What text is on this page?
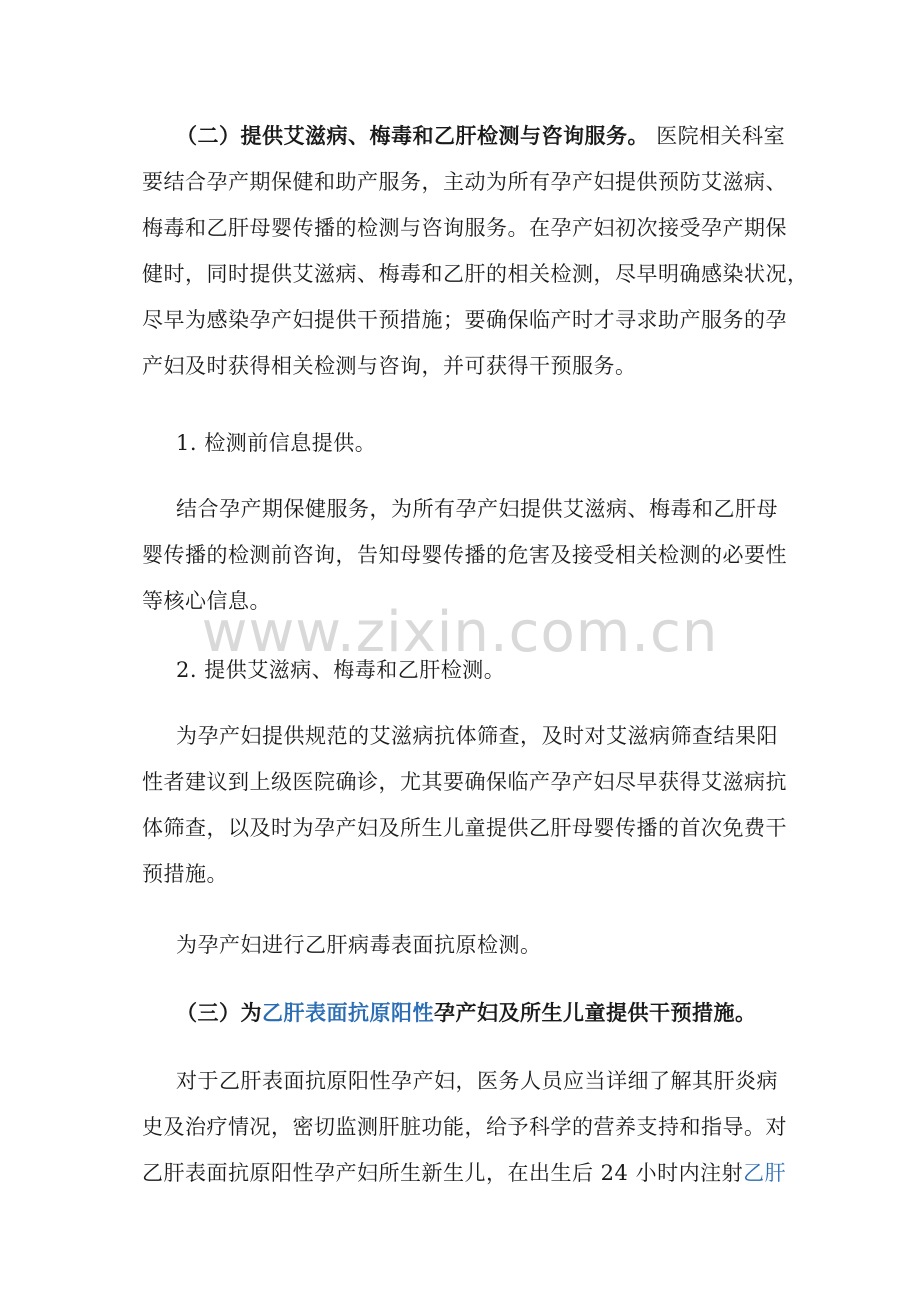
（二）提供艾滋病、梅毒和乙肝检测与咨询服务。 医院相关科室
要结合孕产期保健和助产服务，主动为所有孕产妇提供预防艾滋病、
梅毒和乙肝母婴传播的检测与咨询服务。在孕产妇初次接受孕产期保
健时，同时提供艾滋病、梅毒和乙肝的相关检测，尽早明确感染状况，
尽早为感染孕产妇提供干预措施；要确保临产时才寻求助产服务的孕
产妇及时获得相关检测与咨询，并可获得干预服务。
1. 检测前信息提供。
结合孕产期保健服务，为所有孕产妇提供艾滋病、梅毒和乙肝母
婴传播的检测前咨询，告知母婴传播的危害及接受相关检测的必要性
等核心信息。
2. 提供艾滋病、梅毒和乙肝检测。
为孕产妇提供规范的艾滋病抗体筛查，及时对艾滋病筛查结果阳
性者建议到上级医院确诊，尤其要确保临产孕产妇尽早获得艾滋病抗
体筛查，以及时为孕产妇及所生儿童提供乙肝母婴传播的首次免费干
预措施。
为孕产妇进行乙肝病毒表面抗原检测。
（三）为乙肝表面抗原阳性孕产妇及所生儿童提供干预措施。
对于乙肝表面抗原阳性孕产妇，医务人员应当详细了解其肝炎病
史及治疗情况，密切监测肝脏功能，给予科学的营养支持和指导。对
乙肝表面抗原阳性孕产妇所生新生儿，在出生后 24 小时内注射乙肝
www.zixin.com.cn
